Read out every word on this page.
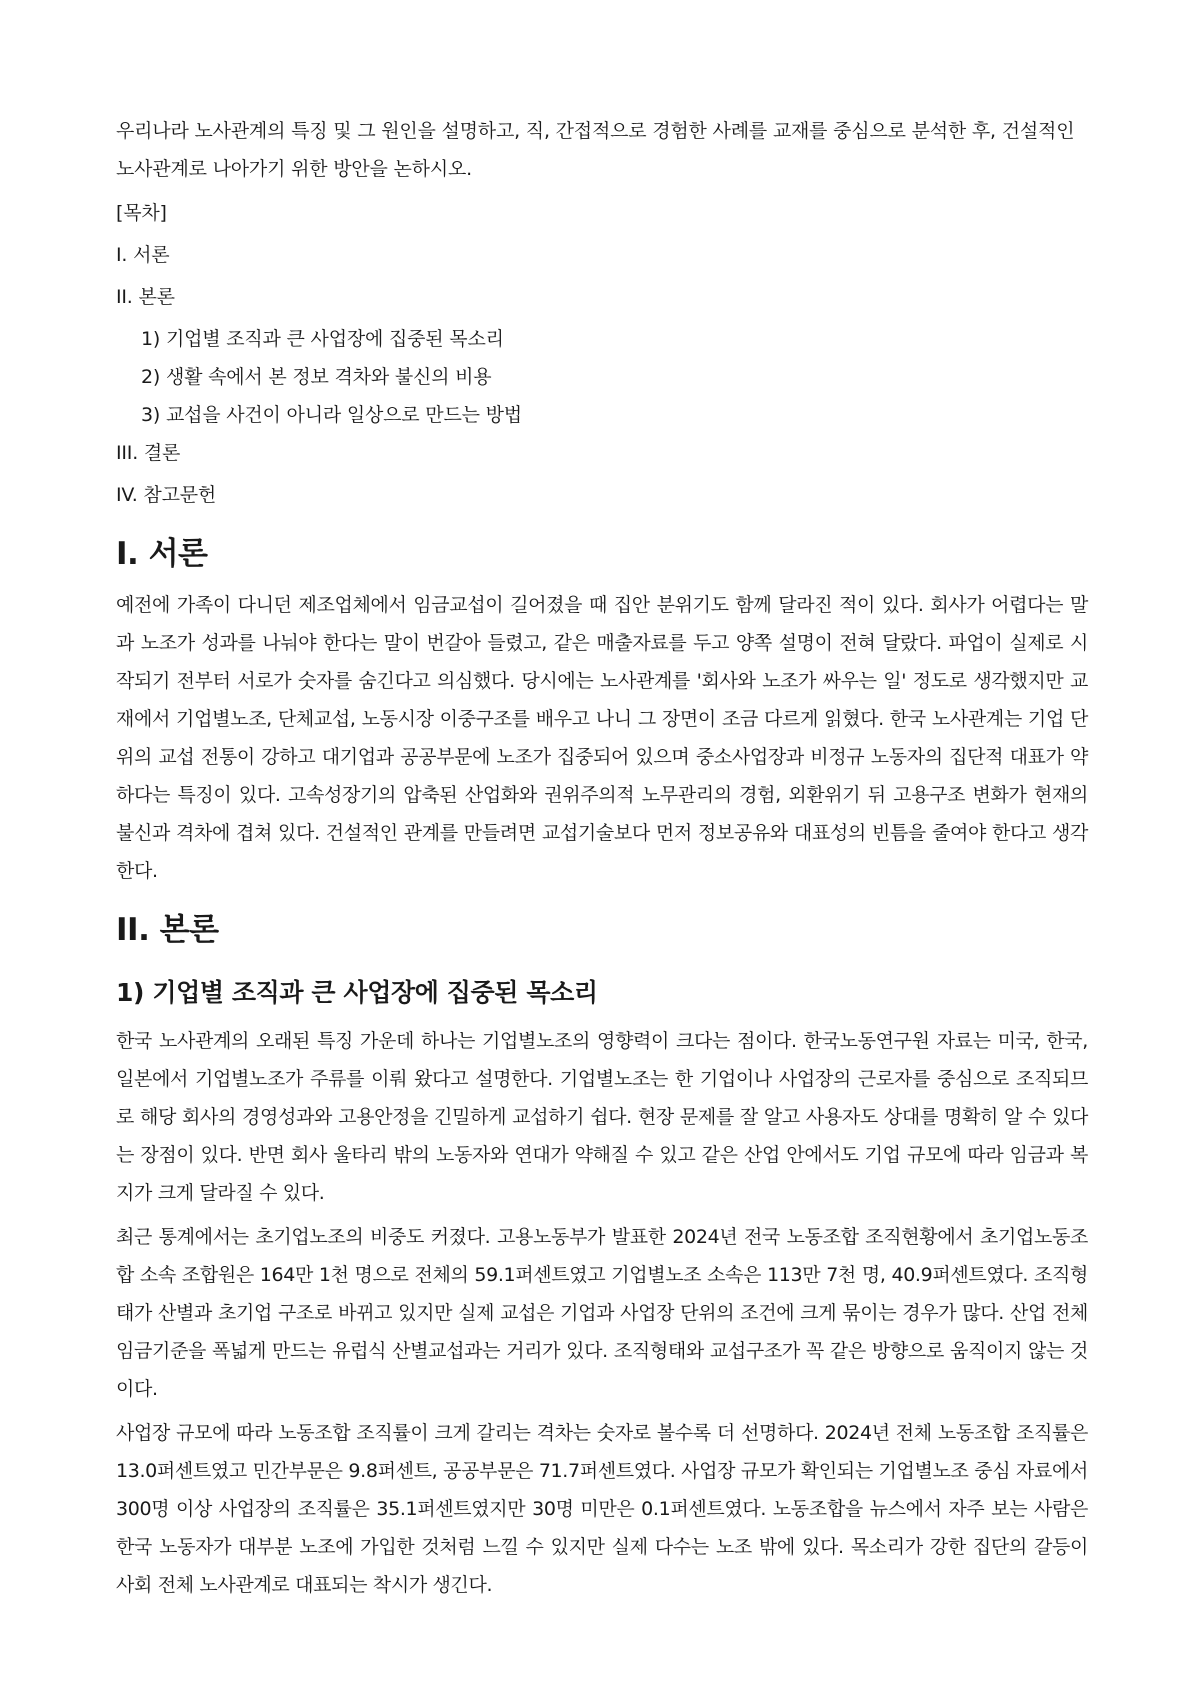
우리나라 노사관계의 특징 및 그 원인을 설명하고, 직, 간접적으로 경험한 사례를 교재를 중심으로 분석한 후, 건설적인 노사관계로 나아가기 위한 방안을 논하시오.

[목차]

I. 서론

II. 본론

1) 기업별 조직과 큰 사업장에 집중된 목소리

2) 생활 속에서 본 정보 격차와 불신의 비용

3) 교섭을 사건이 아니라 일상으로 만드는 방법

III. 결론

IV. 참고문헌

I. 서론

예전에 가족이 다니던 제조업체에서 임금교섭이 길어졌을 때 집안 분위기도 함께 달라진 적이 있다. 회사가 어렵다는 말과 노조가 성과를 나눠야 한다는 말이 번갈아 들렸고, 같은 매출자료를 두고 양쪽 설명이 전혀 달랐다. 파업이 실제로 시작되기 전부터 서로가 숫자를 숨긴다고 의심했다. 당시에는 노사관계를 '회사와 노조가 싸우는 일' 정도로 생각했지만 교재에서 기업별노조, 단체교섭, 노동시장 이중구조를 배우고 나니 그 장면이 조금 다르게 읽혔다. 한국 노사관계는 기업 단위의 교섭 전통이 강하고 대기업과 공공부문에 노조가 집중되어 있으며 중소사업장과 비정규 노동자의 집단적 대표가 약하다는 특징이 있다. 고속성장기의 압축된 산업화와 권위주의적 노무관리의 경험, 외환위기 뒤 고용구조 변화가 현재의 불신과 격차에 겹쳐 있다. 건설적인 관계를 만들려면 교섭기술보다 먼저 정보공유와 대표성의 빈틈을 줄여야 한다고 생각한다.

II. 본론
1) 기업별 조직과 큰 사업장에 집중된 목소리

한국 노사관계의 오래된 특징 가운데 하나는 기업별노조의 영향력이 크다는 점이다. 한국노동연구원 자료는 미국, 한국, 일본에서 기업별노조가 주류를 이뤄 왔다고 설명한다. 기업별노조는 한 기업이나 사업장의 근로자를 중심으로 조직되므로 해당 회사의 경영성과와 고용안정을 긴밀하게 교섭하기 쉽다. 현장 문제를 잘 알고 사용자도 상대를 명확히 알 수 있다는 장점이 있다. 반면 회사 울타리 밖의 노동자와 연대가 약해질 수 있고 같은 산업 안에서도 기업 규모에 따라 임금과 복지가 크게 달라질 수 있다.

최근 통계에서는 초기업노조의 비중도 커졌다. 고용노동부가 발표한 2024년 전국 노동조합 조직현황에서 초기업노동조합 소속 조합원은 164만 1천 명으로 전체의 59.1퍼센트였고 기업별노조 소속은 113만 7천 명, 40.9퍼센트였다. 조직형태가 산별과 초기업 구조로 바뀌고 있지만 실제 교섭은 기업과 사업장 단위의 조건에 크게 묶이는 경우가 많다. 산업 전체 임금기준을 폭넓게 만드는 유럽식 산별교섭과는 거리가 있다. 조직형태와 교섭구조가 꼭 같은 방향으로 움직이지 않는 것이다.

사업장 규모에 따라 노동조합 조직률이 크게 갈리는 격차는 숫자로 볼수록 더 선명하다. 2024년 전체 노동조합 조직률은 13.0퍼센트였고 민간부문은 9.8퍼센트, 공공부문은 71.7퍼센트였다. 사업장 규모가 확인되는 기업별노조 중심 자료에서 300명 이상 사업장의 조직률은 35.1퍼센트였지만 30명 미만은 0.1퍼센트였다. 노동조합을 뉴스에서 자주 보는 사람은 한국 노동자가 대부분 노조에 가입한 것처럼 느낄 수 있지만 실제 다수는 노조 밖에 있다. 목소리가 강한 집단의 갈등이 사회 전체 노사관계로 대표되는 착시가 생긴다.
